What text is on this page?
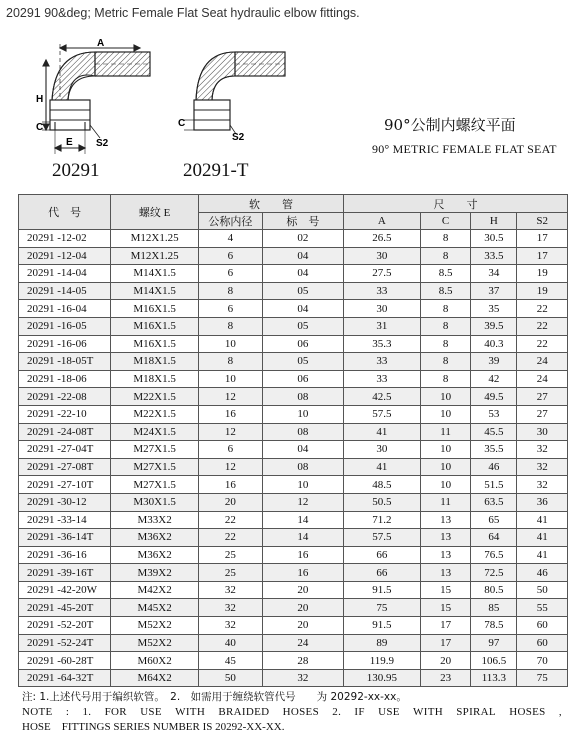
20291 90&deg; Metric Female Flat Seat hydraulic elbow fittings.
A
H
C
E S2
C
S2
20291	20291-T
90°公制内螺纹平面
90° METRIC FEMALE FLAT SEAT
代　号	螺纹 E	软　　管		尺　　寸			
		公称内径	标　号	A	C	H	S2
20291 -12-02	M12X1.25	4	02	26.5	8	30.5	17
20291 -12-04	M12X1.25	6	04	30	8	33.5	17
20291 -14-04	M14X1.5	6	04	27.5	8.5	34	19
20291 -14-05	M14X1.5	8	05	33	8.5	37	19
20291 -16-04	M16X1.5	6	04	30	8	35	22
20291 -16-05	M16X1.5	8	05	31	8	39.5	22
20291 -16-06	M16X1.5	10	06	35.3	8	40.3	22
20291 -18-05T	M18X1.5	8	05	33	8	39	24
20291 -18-06	M18X1.5	10	06	33	8	42	24
20291 -22-08	M22X1.5	12	08	42.5	10	49.5	27
20291 -22-10	M22X1.5	16	10	57.5	10	53	27
20291 -24-08T	M24X1.5	12	08	41	11	45.5	30
20291 -27-04T	M27X1.5	6	04	30	10	35.5	32
20291 -27-08T	M27X1.5	12	08	41	10	46	32
20291 -27-10T	M27X1.5	16	10	48.5	10	51.5	32
20291 -30-12	M30X1.5	20	12	50.5	11	63.5	36
20291 -33-14	M33X2	22	14	71.2	13	65	41
20291 -36-14T	M36X2	22	14	57.5	13	64	41
20291 -36-16	M36X2	25	16	66	13	76.5	41
20291 -39-16T	M39X2	25	16	66	13	72.5	46
20291 -42-20W	M42X2	32	20	91.5	15	80.5	50
20291 -45-20T	M45X2	32	20	75	15	85	55
20291 -52-20T	M52X2	32	20	91.5	17	78.5	60
20291 -52-24T	M52X2	40	24	89	17	97	60
20291 -60-28T	M60X2	45	28	119.9	20	106.5	70
20291 -64-32T	M64X2	50	32	130.95	23	113.3	75
注: 1.上述代号用于编织软管。　2.　如需用于缠绕软管代号　　为 20292-xx-xx。
NOTE : 1. FOR USE WITH BRAIDED HOSES 2. IF USE WITH SPIRAL HOSES ,
HOSE　FITTINGS SERIES NUMBER IS 20292-XX-XX.
